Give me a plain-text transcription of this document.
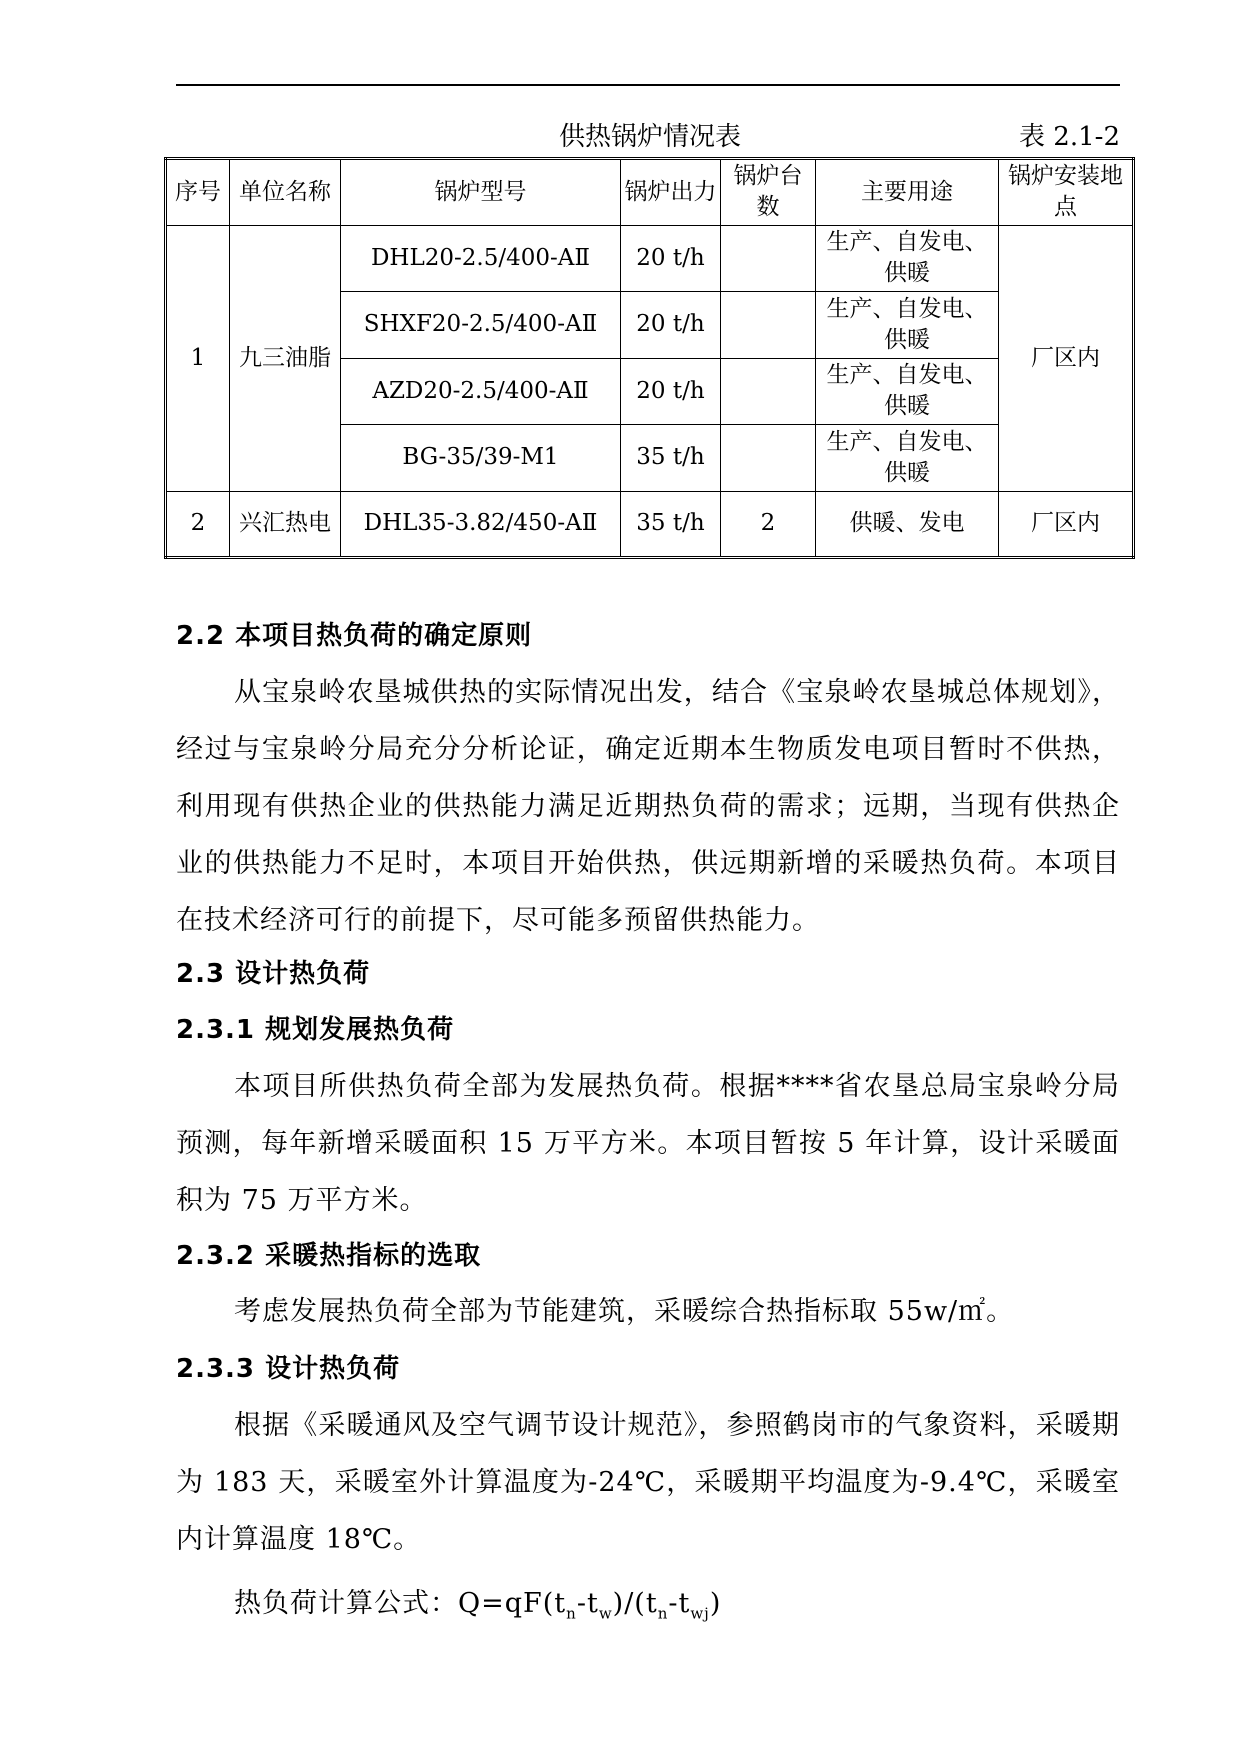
供热锅炉情况表	表 2.1-2
序号	单位名称	锅炉型号	锅炉出力	锅炉台数	主要用途	锅炉安装地点
1	九三油脂	DHL20-2.5/400-AⅡ	20 t/h		生产、自发电、供暖	厂区内
		SHXF20-2.5/400-AⅡ	20 t/h		生产、自发电、供暖	
		AZD20-2.5/400-AⅡ	20 t/h		生产、自发电、供暖	
		BG-35/39-M1	35 t/h		生产、自发电、供暖	
2	兴汇热电	DHL35-3.82/450-AⅡ	35 t/h	2	供暖、发电	厂区内
2.2 本项目热负荷的确定原则

从宝泉岭农垦城供热的实际情况出发，结合《宝泉岭农垦城总体规划》，经过与宝泉岭分局充分分析论证，确定近期本生物质发电项目暂时不供热，利用现有供热企业的供热能力满足近期热负荷的需求；远期，当现有供热企业的供热能力不足时，本项目开始供热，供远期新增的采暖热负荷。本项目在技术经济可行的前提下，尽可能多预留供热能力。

2.3 设计热负荷
2.3.1 规划发展热负荷

本项目所供热负荷全部为发展热负荷。根据****省农垦总局宝泉岭分局预测，每年新增采暖面积 15 万平方米。本项目暂按 5 年计算，设计采暖面积为 75 万平方米。

2.3.2 采暖热指标的选取

考虑发展热负荷全部为节能建筑，采暖综合热指标取 55w/㎡。

2.3.3 设计热负荷

根据《采暖通风及空气调节设计规范》，参照鹤岗市的气象资料，采暖期为 183 天，采暖室外计算温度为-24℃，采暖期平均温度为-9.4℃，采暖室内计算温度 18℃。

热负荷计算公式：$Q=qF(t_n-t_w)/(t_n-t_{wj})$
